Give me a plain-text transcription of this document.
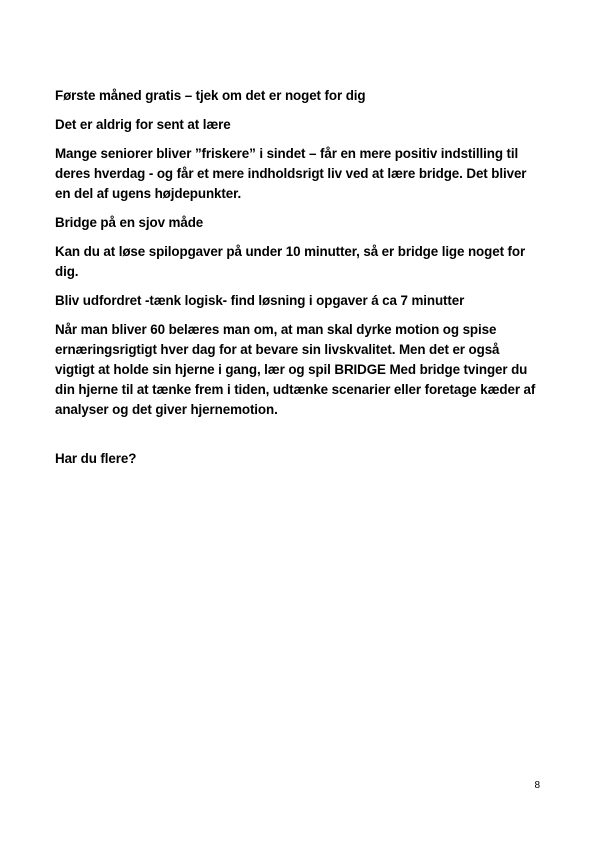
Første måned gratis – tjek om det er noget for dig

Det er aldrig for sent at lære

Mange seniorer bliver ”friskere” i sindet – får en mere positiv indstilling til deres hverdag - og får et mere indholdsrigt liv ved at lære bridge. Det bliver en del af ugens højdepunkter.

Bridge på en sjov måde

Kan du at løse spilopgaver på under 10 minutter, så er bridge lige noget for dig.

Bliv udfordret -tænk logisk- find løsning i opgaver á ca 7 minutter

Når man bliver 60 belæres man om, at man skal dyrke motion og spise ernæringsrigtigt hver dag for at bevare sin livskvalitet. Men det er også vigtigt at holde sin hjerne i gang, lær og spil BRIDGE Med bridge tvinger du din hjerne til at tænke frem i tiden, udtænke scenarier eller foretage kæder af analyser og det giver hjernemotion.

Har du flere?

8
